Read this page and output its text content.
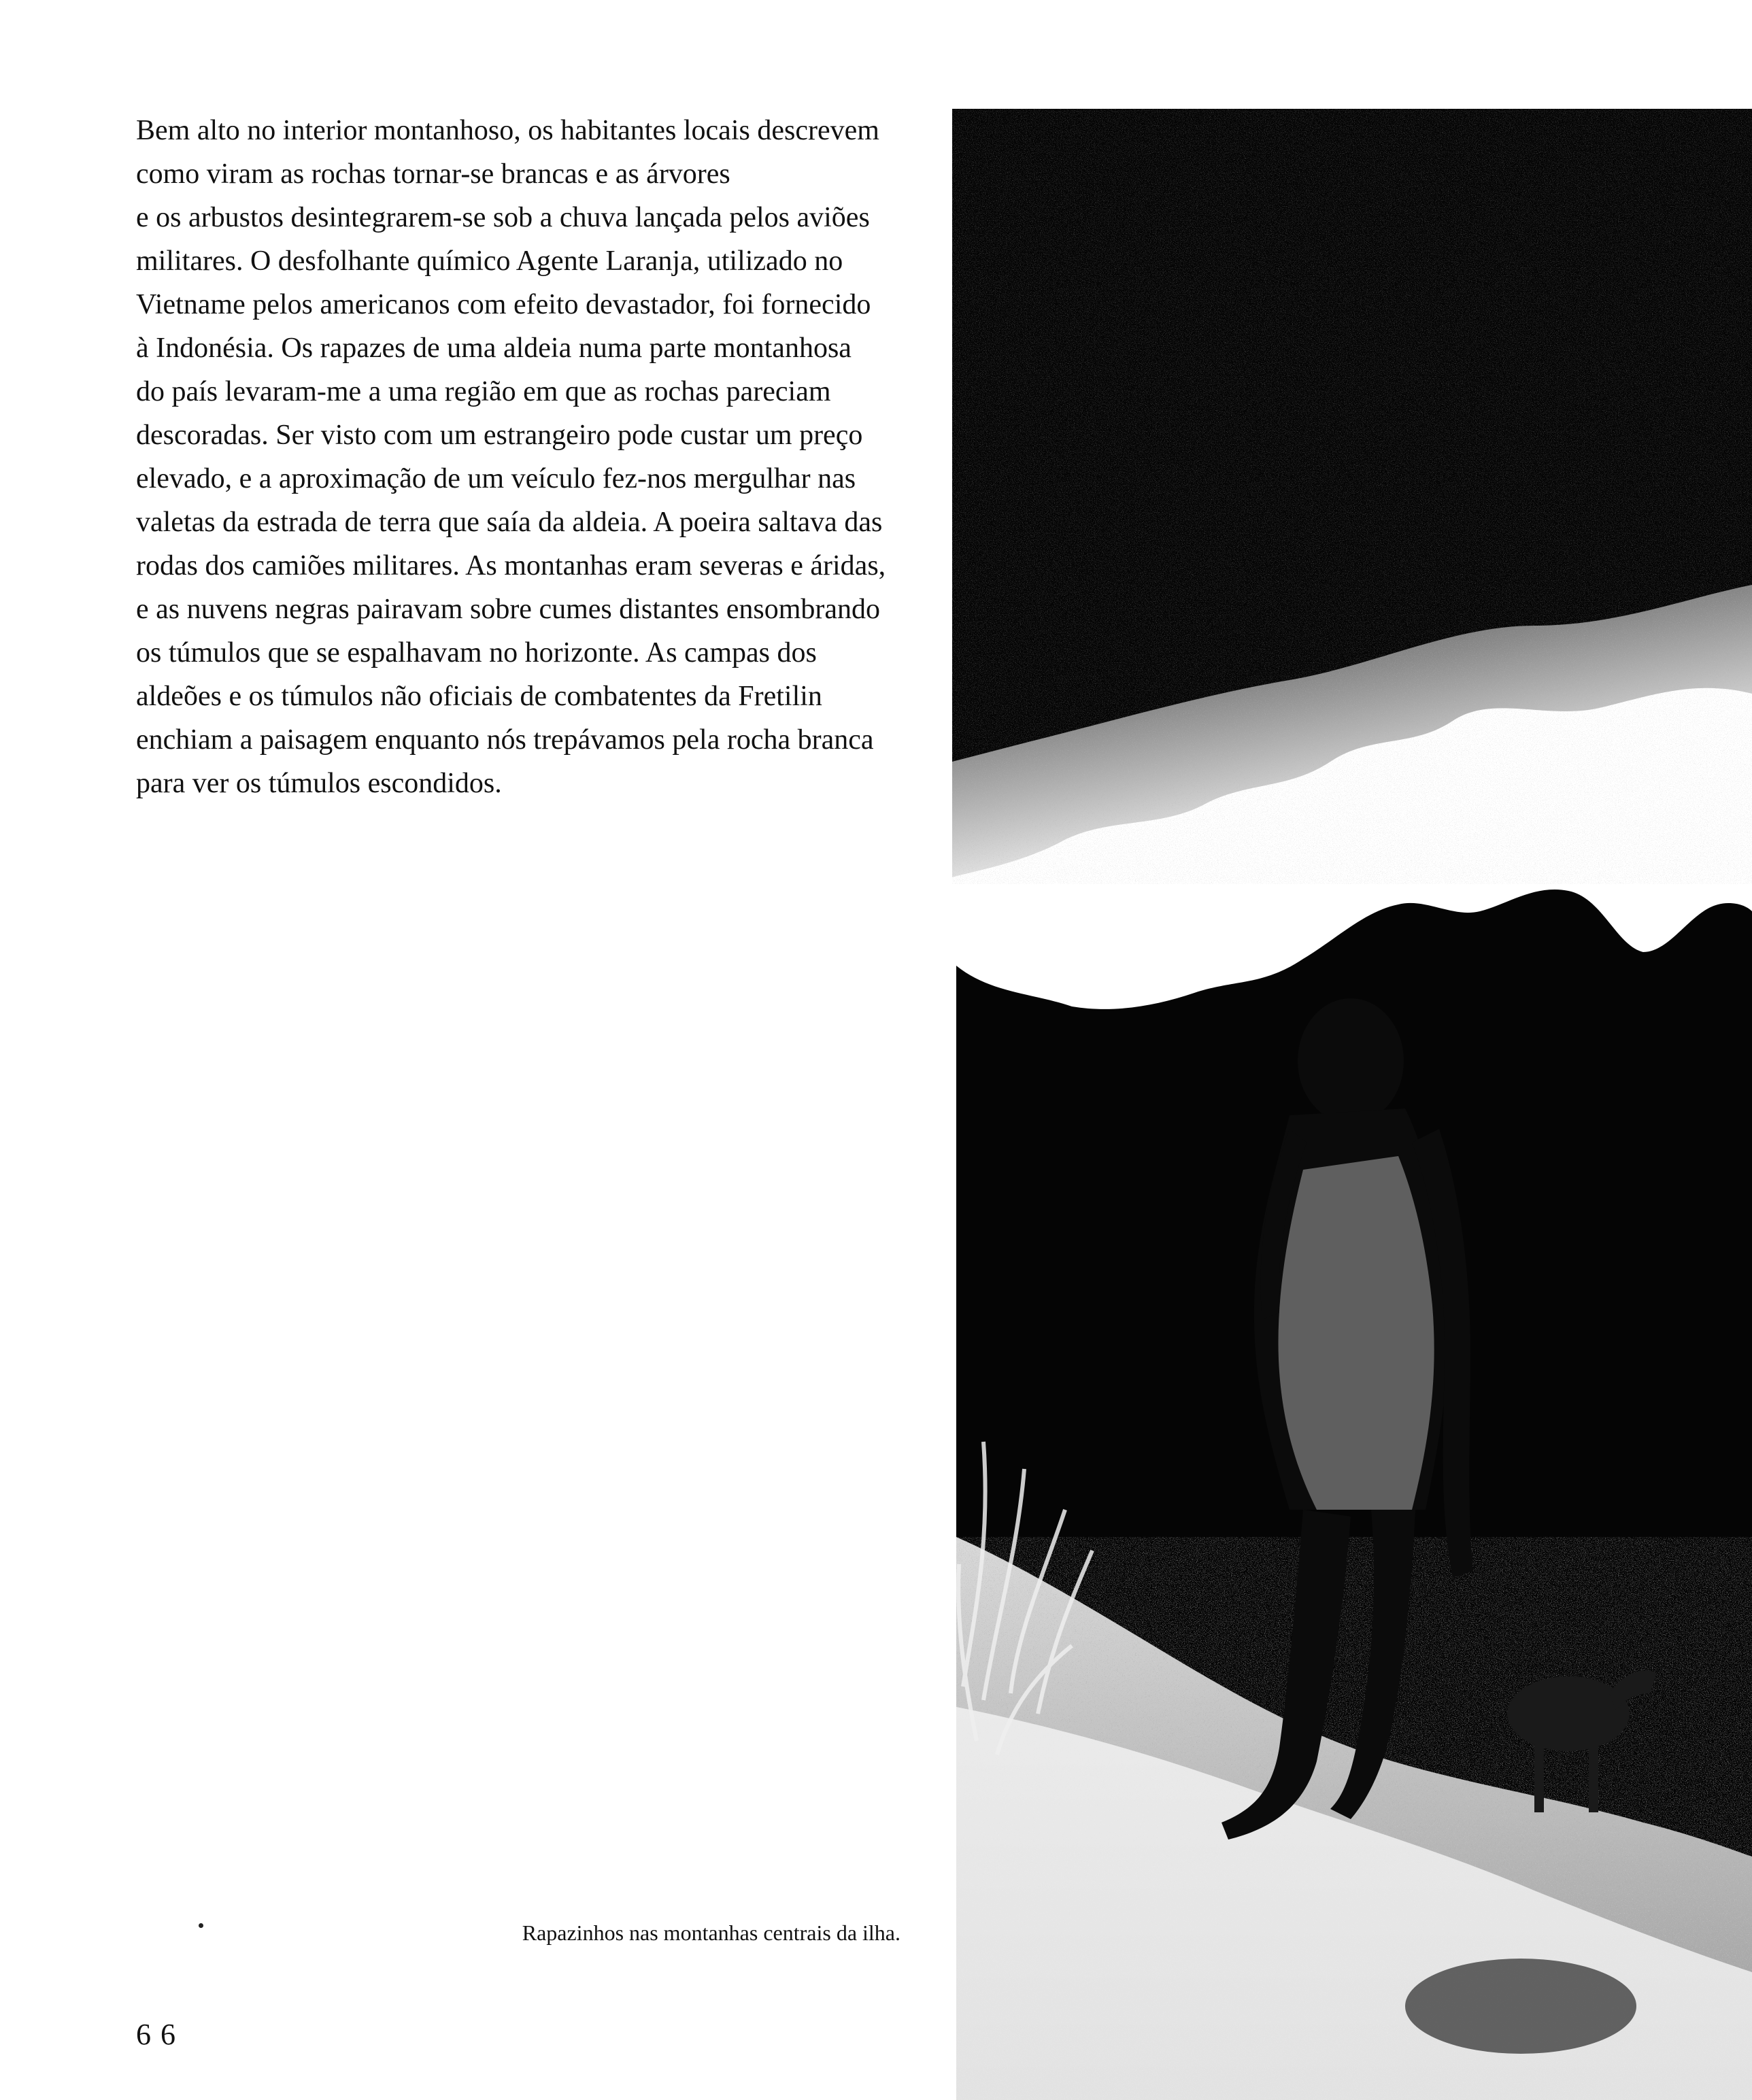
Bem alto no interior montanhoso, os habitantes locais descrevem
como viram as rochas tornar-se brancas e as árvores
e os arbustos desintegrarem-se sob a chuva lançada pelos aviões
militares. O desfolhante químico Agente Laranja, utilizado no
Vietname pelos americanos com efeito devastador, foi fornecido
à Indonésia. Os rapazes de uma aldeia numa parte montanhosa
do país levaram-me a uma região em que as rochas pareciam
descoradas. Ser visto com um estrangeiro pode custar um preço
elevado, e a aproximação de um veículo fez-nos mergulhar nas
valetas da estrada de terra que saía da aldeia. A poeira saltava das
rodas dos camiões militares. As montanhas eram severas e áridas,
e as nuvens negras pairavam sobre cumes distantes ensombrando
os túmulos que se espalhavam no horizonte. As campas dos
aldeões e os túmulos não oficiais de combatentes da Fretilin
enchiam a paisagem enquanto nós trepávamos pela rocha branca
para ver os túmulos escondidos.
Rapazinhos nas montanhas centrais da ilha.
66
